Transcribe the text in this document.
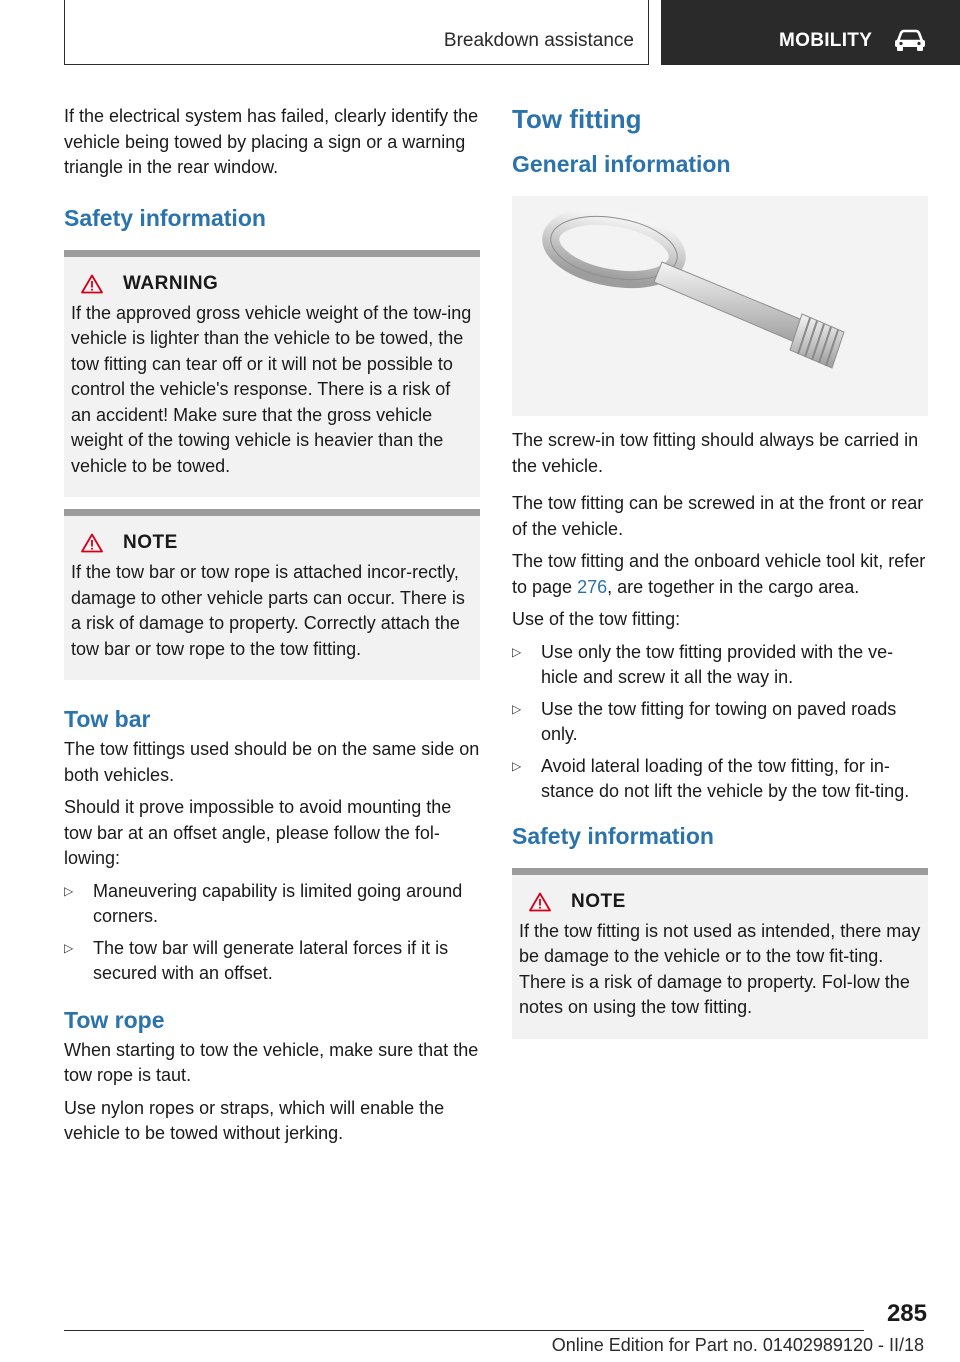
Breakdown assistance	MOBILITY

If the electrical system has failed, clearly identify the vehicle being towed by placing a sign or a warning triangle in the rear window.

Safety information
WARNING

If the approved gross vehicle weight of the tow-ing vehicle is lighter than the vehicle to be towed, the tow fitting can tear off or it will not be possible to control the vehicle's response. There is a risk of an accident! Make sure that the gross vehicle weight of the towing vehicle is heavier than the vehicle to be towed.

NOTE

If the tow bar or tow rope is attached incor-rectly, damage to other vehicle parts can occur. There is a risk of damage to property. Correctly attach the tow bar or tow rope to the tow fitting.

Tow bar

The tow fittings used should be on the same side on both vehicles.

Should it prove impossible to avoid mounting the tow bar at an offset angle, please follow the fol-lowing:

▷ Maneuvering capability is limited going around corners.
▷ The tow bar will generate lateral forces if it is secured with an offset.
Tow rope

When starting to tow the vehicle, make sure that the tow rope is taut.

Use nylon ropes or straps, which will enable the vehicle to be towed without jerking.

Tow fitting
General information

The screw-in tow fitting should always be carried in the vehicle.

The tow fitting can be screwed in at the front or rear of the vehicle.

The tow fitting and the onboard vehicle tool kit, refer to page 276, are together in the cargo area.

Use of the tow fitting:

▷ Use only the tow fitting provided with the ve-hicle and screw it all the way in.
▷ Use the tow fitting for towing on paved roads only.
▷ Avoid lateral loading of the tow fitting, for in-stance do not lift the vehicle by the tow fit-ting.
Safety information
NOTE

If the tow fitting is not used as intended, there may be damage to the vehicle or to the tow fit-ting. There is a risk of damage to property. Fol-low the notes on using the tow fitting.

285
Online Edition for Part no. 01402989120 - II/18
